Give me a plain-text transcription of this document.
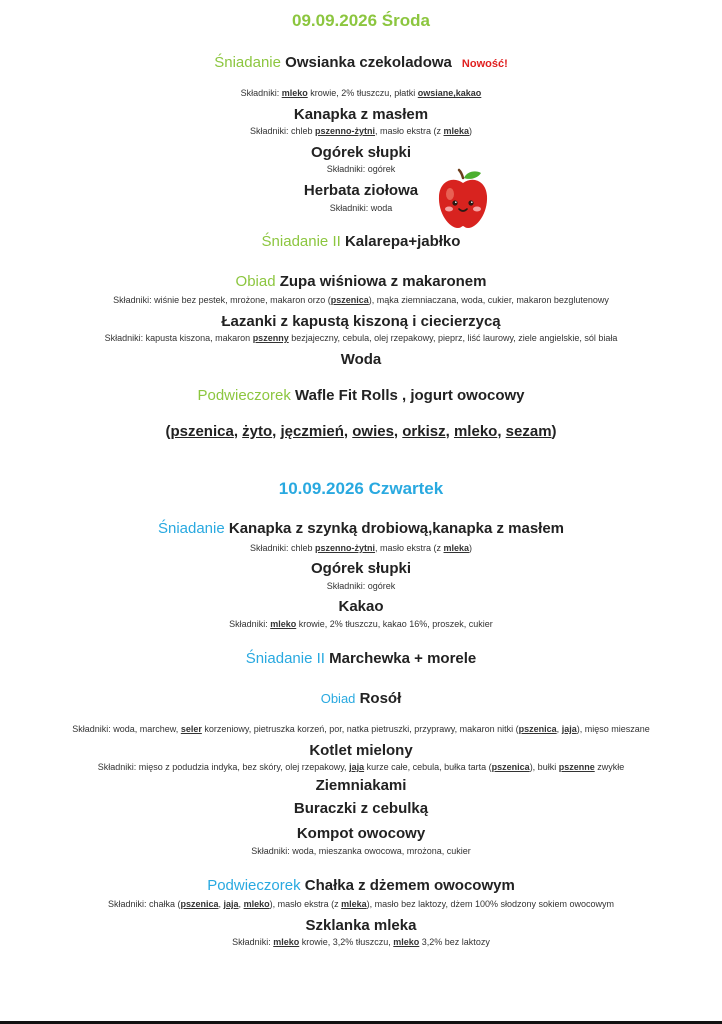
09.09.2026 Środa
Śniadanie Owsianka czekoladowa Nowość!
Składniki: mleko krowie, 2% tłuszczu, płatki owsiane,kakao
Kanapka z masłem
Składniki: chleb pszenno-żytni, masło ekstra (z mleka)
Ogórek słupki
Składniki: ogórek
Herbata ziołowa
Składniki: woda
Śniadanie II Kalarepa+jabłko
Obiad Zupa wiśniowa z makaronem
Składniki: wiśnie bez pestek, mrożone, makaron orzo (pszenica), mąka ziemniaczana, woda, cukier, makaron bezglutenowy
Łazanki z kapustą kiszoną i ciecierzycą
Składniki: kapusta kiszona, makaron pszenny bezjajeczny, cebula, olej rzepakowy, pieprz, liść laurowy, ziele angielskie, sól biała
Woda
Podwieczorek Wafle Fit Rolls , jogurt owocowy
(pszenica, żyto, jęczmień, owies, orkisz, mleko, sezam)
10.09.2026 Czwartek
Śniadanie Kanapka z szynką drobiową,kanapka z masłem
Składniki: chleb pszenno-żytni, masło ekstra (z mleka)
Ogórek słupki
Składniki: ogórek
Kakao
Składniki: mleko krowie, 2% tłuszczu, kakao 16%, proszek, cukier
Śniadanie II Marchewka + morele
Obiad Rosół
Składniki: woda, marchew, seler korzeniowy, pietruszka korzeń, por, natka pietruszki, przyprawy, makaron nitki (pszenica, jaja), mięso mieszane
Kotlet mielony
Składniki: mięso z podudzia indyka, bez skóry, olej rzepakowy, jaja kurze całe, cebula, bułka tarta (pszenica), bułki pszenne zwykłe
Ziemniakami
Buraczki z cebulką
Kompot owocowy
Składniki: woda, mieszanka owocowa, mrożona, cukier
Podwieczorek Chałka z dżemem owocowym
Składniki: chałka (pszenica, jaja, mleko), masło ekstra (z mleka), masło bez laktozy, dżem 100% słodzony sokiem owocowym
Szklanka mleka
Składniki: mleko krowie, 3,2% tłuszczu, mleko 3,2% bez laktozy
